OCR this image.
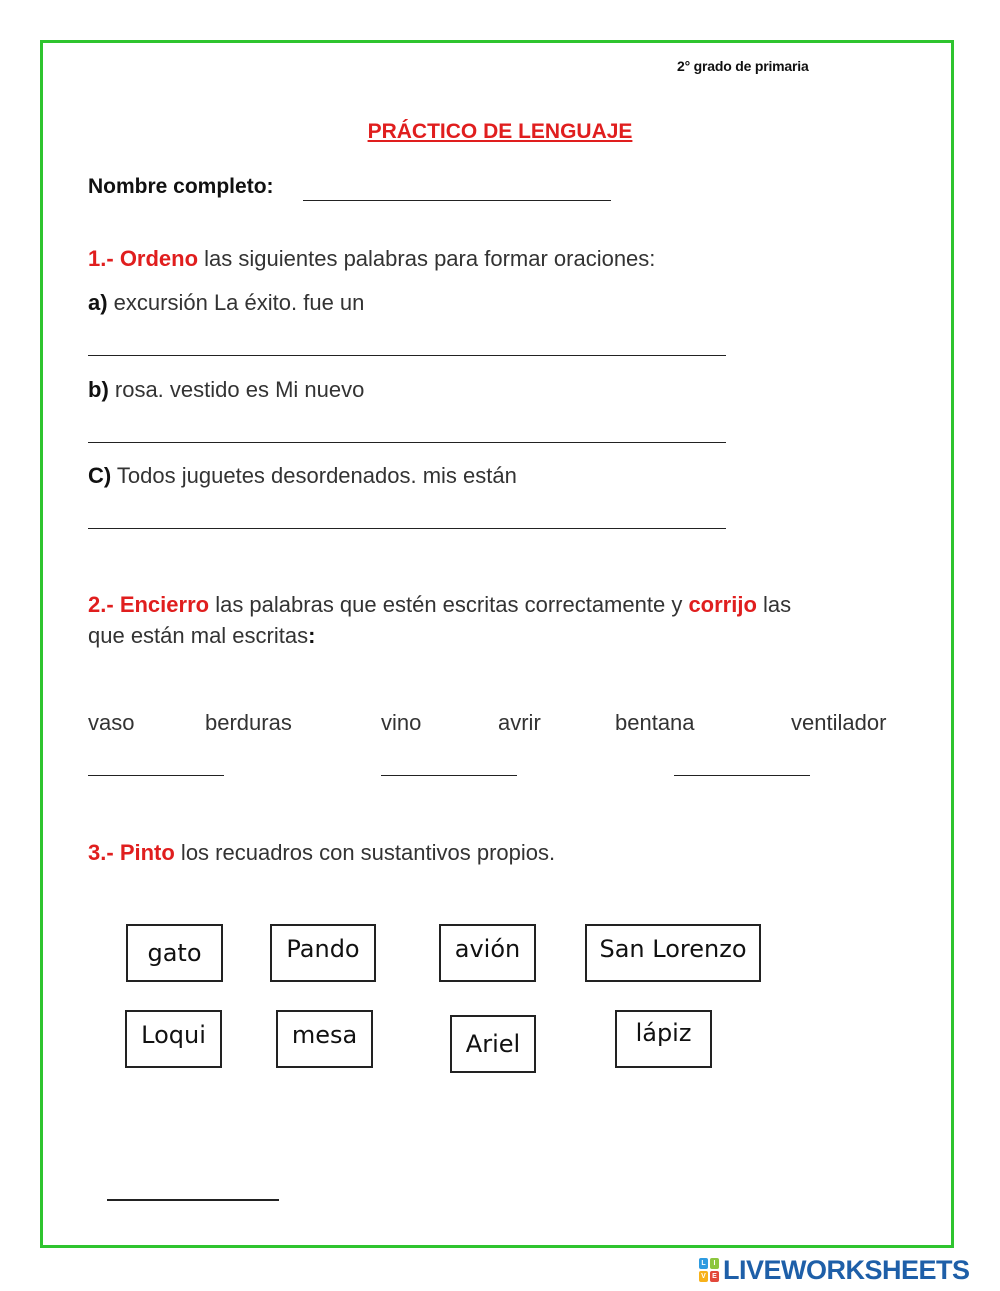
2° grado de primaria
PRÁCTICO DE LENGUAJE
Nombre completo:
1.- Ordeno las siguientes palabras para formar oraciones:
a) excursión La éxito. fue un
b) rosa. vestido es Mi nuevo
C) Todos juguetes desordenados. mis están
2.- Encierro las palabras que estén escritas correctamente y corrijo las
que están mal escritas:
vaso	berduras	vino	avrir	bentana	ventilador
3.- Pinto los recuadros con sustantivos propios.
gato	Pando	avión	San Lorenzo
Loqui	mesa	Ariel	lápiz
L	I
V E LIVEWORKSHEETS
